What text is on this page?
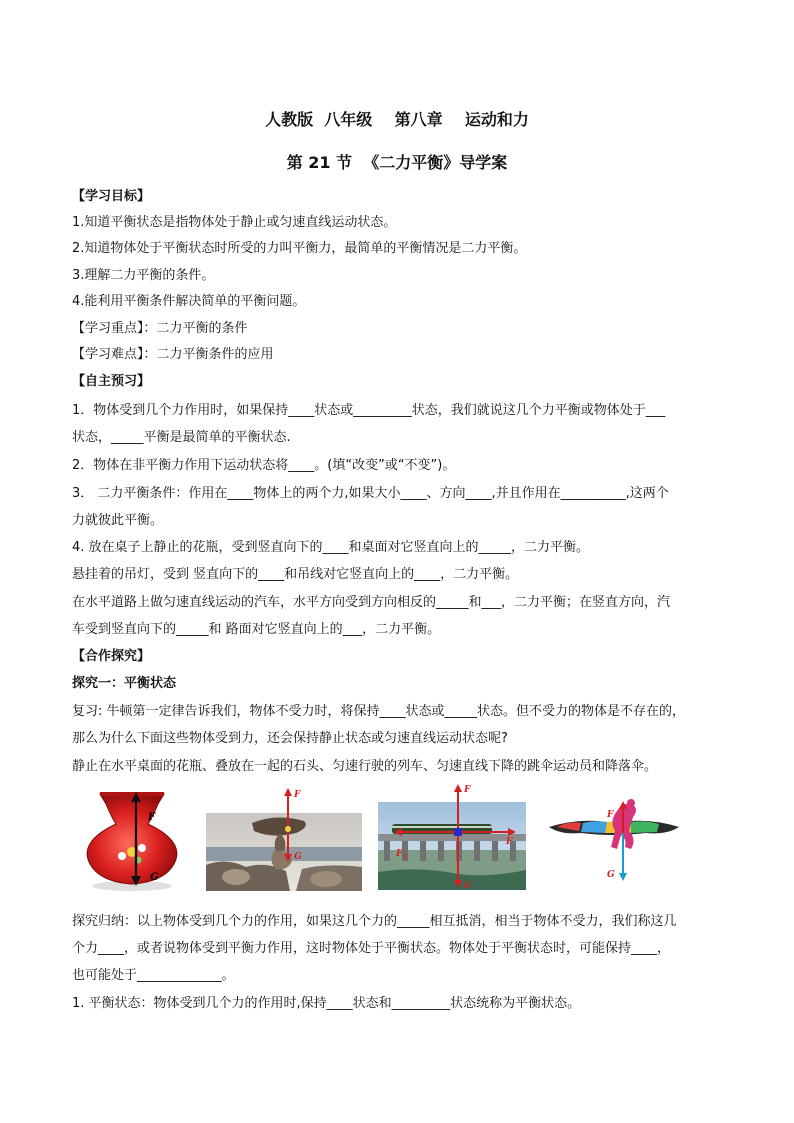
人教版  八年级    第八章    运动和力
第 21 节  《二力平衡》导学案
【学习目标】
1.知道平衡状态是指物体处于静止或匀速直线运动状态。
2.知道物体处于平衡状态时所受的力叫平衡力，最简单的平衡情况是二力平衡。
3.理解二力平衡的条件。
4.能利用平衡条件解决简单的平衡问题。
【学习重点】：二力平衡的条件
【学习难点】：二力平衡条件的应用
【自主预习】
1．物体受到几个力作用时，如果保持____状态或_________状态，我们就说这几个力平衡或物体处于___
状态，_____平衡是最简单的平衡状态.
2．物体在非平衡力作用下运动状态将____。(填“改变”或“不变”)。
3． 二力平衡条件：作用在____物体上的两个力,如果大小____、方向____,并且作用在__________,这两个
力就彼此平衡。
4. 放在桌子上静止的花瓶，受到竖直向下的____和桌面对它竖直向上的_____，二力平衡。
悬挂着的吊灯，受到 竖直向下的____和吊线对它竖直向上的____，二力平衡。
在水平道路上做匀速直线运动的汽车，水平方向受到方向相反的_____和___，二力平衡；在竖直方向，汽
车受到竖直向下的_____和 路面对它竖直向上的___，二力平衡。
【合作探究】
探究一：平衡状态
复习: 牛顿第一定律告诉我们，物体不受力时，将保持____状态或_____状态。但不受力的物体是不存在的，
那么为什么下面这些物体受到力，还会保持静止状态或匀速直线运动状态呢?
静止在水平桌面的花瓶、叠放在一起的石头、匀速行驶的列车、匀速直线下降的跳伞运动员和降落伞。
F
G
F
G
F
G
F 牵
F
F
G
探究归纳：以上物体受到几个力的作用，如果这几个力的_____相互抵消，相当于物体不受力，我们称这几
个力____，或者说物体受到平衡力作用，这时物体处于平衡状态。物体处于平衡状态时，可能保持____，
也可能处于_____________。
1. 平衡状态：物体受到几个力的作用时,保持____状态和_________状态统称为平衡状态。
